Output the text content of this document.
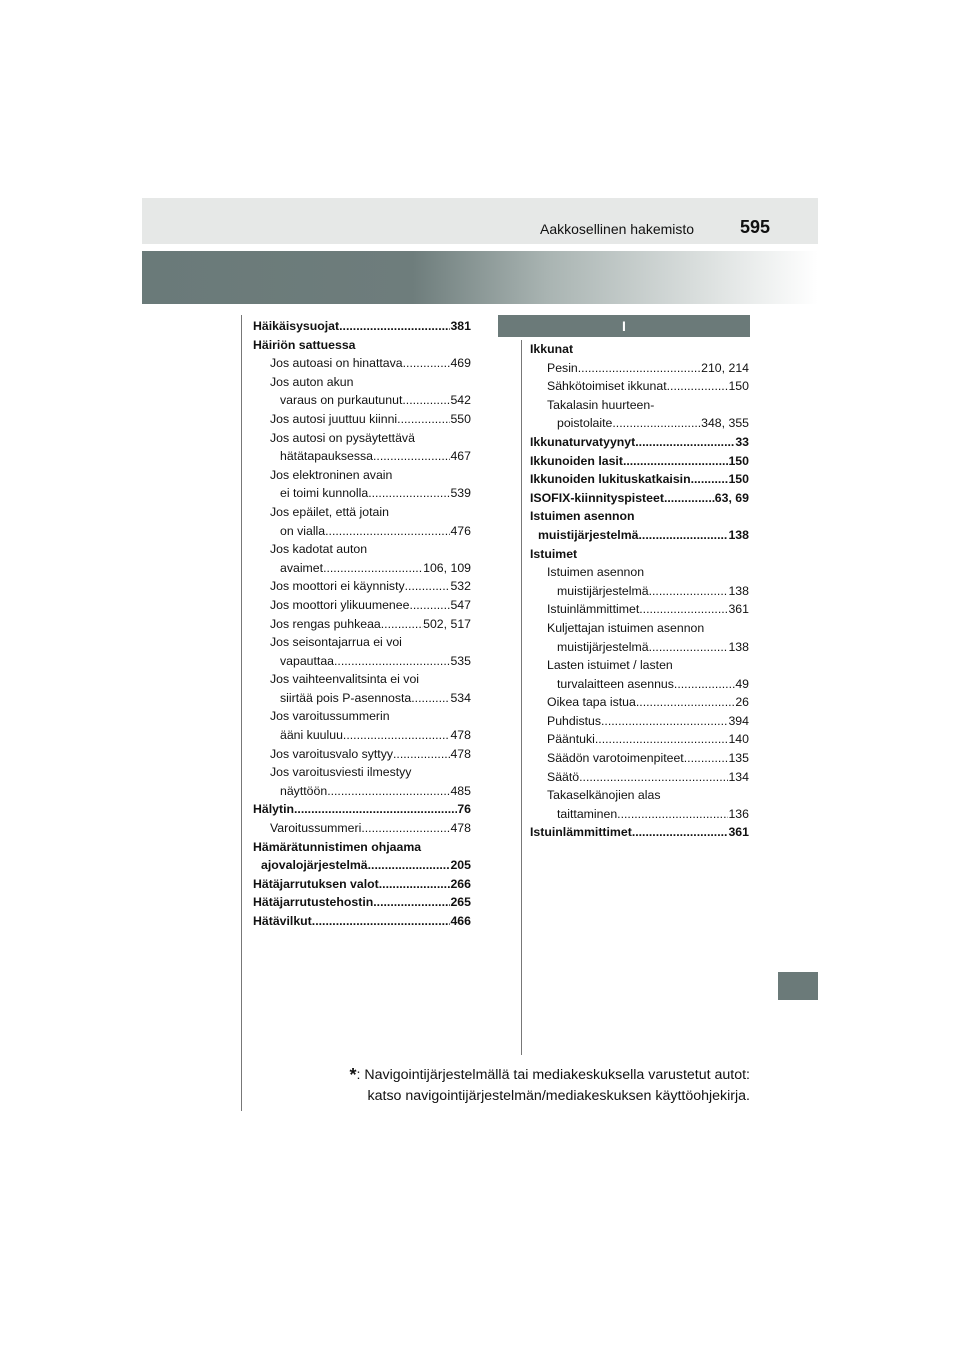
Aakkosellinen hakemisto	595
I
Häikäisysuojat .....	381
Häiriön sattuessa
Jos autoasi on hinattava .....	469
Jos auton akun
varaus on purkautunut .....	542
Jos autosi juuttuu kiinni .....	550
Jos autosi on pysäytettävä
hätätapauksessa .....	467
Jos elektroninen avain
ei toimi kunnolla .....	539
Jos epäilet, että jotain
on vialla .....	476
Jos kadotat auton
avaimet .....	106, 109
Jos moottori ei käynnisty .....	532
Jos moottori ylikuumenee .....	547
Jos rengas puhkeaa .....	502, 517
Jos seisontajarrua ei voi
vapauttaa .....	535
Jos vaihteenvalitsinta ei voi
siirtää pois P-asennosta .....	534
Jos varoitussummerin
ääni kuuluu .....	478
Jos varoitusvalo syttyy .....	478
Jos varoitusviesti ilmestyy
näyttöön .....	485
Hälytin .....	76
Varoitussummeri .....	478
Hämärätunnistimen ohjaama
ajovalojärjestelmä .....	205
Hätäjarrutuksen valot .....	266
Hätäjarrutustehostin .....	265
Hätävilkut .....	466
Ikkunat
Pesin .....	210, 214
Sähkötoimiset ikkunat .....	150
Takalasin huurteen-
poistolaite .....	348, 355
Ikkunaturvatyynyt .....	33
Ikkunoiden lasit .....	150
Ikkunoiden lukituskatkaisin .....	150
ISOFIX-kiinnityspisteet .....	63, 69
Istuimen asennon
muistijärjestelmä .....	138
Istuimet
Istuimen asennon
muistijärjestelmä .....	138
Istuinlämmittimet .....	361
Kuljettajan istuimen asennon
muistijärjestelmä .....	138
Lasten istuimet / lasten
turvalaitteen asennus .....	49
Oikea tapa istua .....	26
Puhdistus .....	394
Pääntuki .....	140
Säädön varotoimenpiteet .....	135
Säätö .....	134
Takaselkänojien alas
taittaminen .....	136
Istuinlämmittimet .....	361
*: Navigointijärjestelmällä tai mediakeskuksella varustetut autot:
katso navigointijärjestelmän/mediakeskuksen käyttöohjekirja.
